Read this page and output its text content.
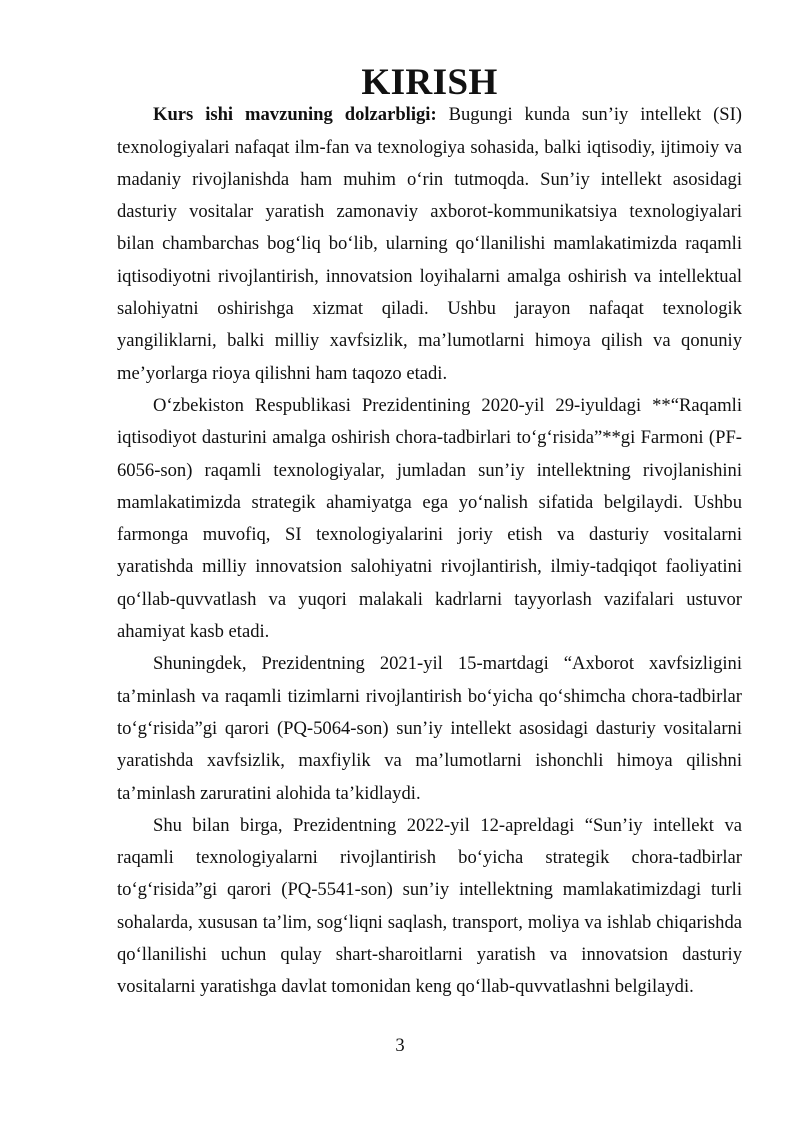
KIRISH

Kurs ishi mavzuning dolzarbligi: Bugungi kunda sun’iy intellekt (SI) texnologiyalari nafaqat ilm-fan va texnologiya sohasida, balki iqtisodiy, ijtimoiy va madaniy rivojlanishda ham muhim o‘rin tutmoqda. Sun’iy intellekt asosidagi dasturiy vositalar yaratish zamonaviy axborot-kommunikatsiya texnologiyalari bilan chambarchas bog‘liq bo‘lib, ularning qo‘llanilishi mamlakatimizda raqamli iqtisodiyotni rivojlantirish, innovatsion loyihalarni amalga oshirish va intellektual salohiyatni oshirishga xizmat qiladi. Ushbu jarayon nafaqat texnologik yangiliklarni, balki milliy xavfsizlik, ma’lumotlarni himoya qilish va qonuniy me’yorlarga rioya qilishni ham taqozo etadi.

O‘zbekiston Respublikasi Prezidentining 2020-yil 29-iyuldagi **“Raqamli iqtisodiyot dasturini amalga oshirish chora-tadbirlari to‘g‘risida”**gi Farmoni (PF-6056-son) raqamli texnologiyalar, jumladan sun’iy intellektning rivojlanishini mamlakatimizda strategik ahamiyatga ega yo‘nalish sifatida belgilaydi. Ushbu farmonga muvofiq, SI texnologiyalarini joriy etish va dasturiy vositalarni yaratishda milliy innovatsion salohiyatni rivojlantirish, ilmiy-tadqiqot faoliyatini qo‘llab-quvvatlash va yuqori malakali kadrlarni tayyorlash vazifalari ustuvor ahamiyat kasb etadi.

Shuningdek, Prezidentning 2021-yil 15-martdagi “Axborot xavfsizligini ta’minlash va raqamli tizimlarni rivojlantirish bo‘yicha qo‘shimcha chora-tadbirlar to‘g‘risida”gi qarori (PQ-5064-son) sun’iy intellekt asosidagi dasturiy vositalarni yaratishda xavfsizlik, maxfiylik va ma’lumotlarni ishonchli himoya qilishni ta’minlash zaruratini alohida ta’kidlaydi.

Shu bilan birga, Prezidentning 2022-yil 12-apreldagi “Sun’iy intellekt va raqamli texnologiyalarni rivojlantirish bo‘yicha strategik chora-tadbirlar to‘g‘risida”gi qarori (PQ-5541-son) sun’iy intellektning mamlakatimizdagi turli sohalarda, xususan ta’lim, sog‘liqni saqlash, transport, moliya va ishlab chiqarishda qo‘llanilishi uchun qulay shart-sharoitlarni yaratish va innovatsion dasturiy vositalarni yaratishga davlat tomonidan keng qo‘llab-quvvatlashni belgilaydi.

3
